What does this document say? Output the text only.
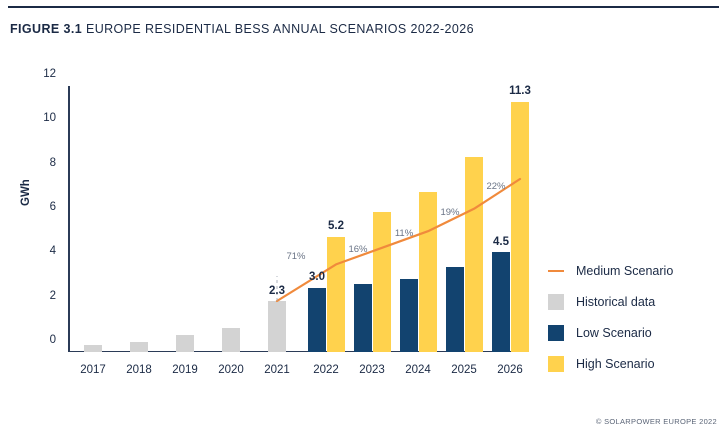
FIGURE 3.1 EUROPE RESIDENTIAL BESS ANNUAL SCENARIOS 2022-2026
GWh
0
2
4
6
8
10
12
2.3
5.2
3.0
11.3
4.5
71%
16%
11%
19%
22%
2017 2018 2019 2020 2021 2022 2023 2024 2025 2026
Medium Scenario
Historical data
Low Scenario
High Scenario
© SOLARPOWER EUROPE 2022
